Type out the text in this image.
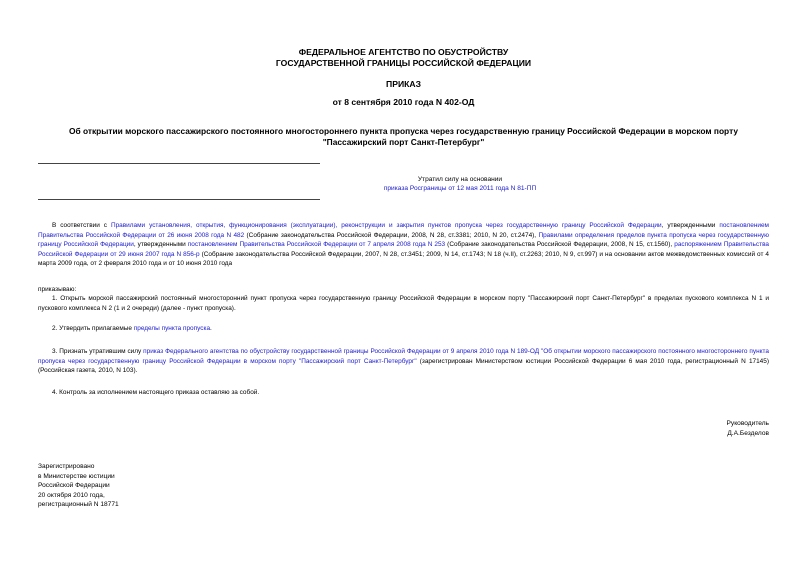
ФЕДЕРАЛЬНОЕ АГЕНТСТВО ПО ОБУСТРОЙСТВУ
ГОСУДАРСТВЕННОЙ ГРАНИЦЫ РОССИЙСКОЙ ФЕДЕРАЦИИ
ПРИКАЗ
от 8 сентября 2010 года N 402-ОД
Об открытии морского пассажирского постоянного многостороннего пункта пропуска через государственную границу Российской Федерации в морском порту
"Пассажирский порт Санкт-Петербург"
Утратил силу на основании
приказа Росграницы от 12 мая 2011 года N 81-ПП

В соответствии с Правилами установления, открытия, функционирования (эксплуатации), реконструкции и закрытия пунктов пропуска через государственную границу Российской Федерации, утвержденными постановлением Правительства Российской Федерации от 26 июня 2008 года N 482 (Собрание законодательства Российской Федерации, 2008, N 28, ст.3381; 2010, N 20, ст.2474), Правилами определения пределов пункта пропуска через государственную границу Российской Федерации, утвержденными постановлением Правительства Российской Федерации от 7 апреля 2008 года N 253 (Собрание законодательства Российской Федерации, 2008, N 15, ст.1560), распоряжением Правительства Российской Федерации от 29 июня 2007 года N 856-р (Собрание законодательства Российской Федерации, 2007, N 28, ст.3451; 2009, N 14, ст.1743; N 18 (ч.II), ст.2263; 2010, N 9, ст.997) и на основании актов межведомственных комиссий от 4 марта 2009 года, от 2 февраля 2010 года и от 10 июня 2010 года

приказываю:

1. Открыть морской пассажирский постоянный многосторонний пункт пропуска через государственную границу Российской Федерации в морском порту "Пассажирский порт Санкт-Петербург" в пределах пускового комплекса N 1 и пускового комплекса N 2 (1 и 2 очереди) (далее - пункт пропуска).

2. Утвердить прилагаемые пределы пункта пропуска.

3. Признать утратившим силу приказ Федерального агентства по обустройству государственной границы Российской Федерации от 9 апреля 2010 года N 189-ОД "Об открытии морского пассажирского постоянного многостороннего пункта пропуска через государственную границу Российской Федерации в морском порту "Пассажирский порт Санкт-Петербург" (зарегистрирован Министерством юстиции Российской Федерации 6 мая 2010 года, регистрационный N 17145) (Российская газета, 2010, N 103).

4. Контроль за исполнением настоящего приказа оставляю за собой.

Руководитель
Д.А.Безделов
Зарегистрировано
в Министерстве юстиции
Российской Федерации
20 октября 2010 года,
регистрационный N 18771
